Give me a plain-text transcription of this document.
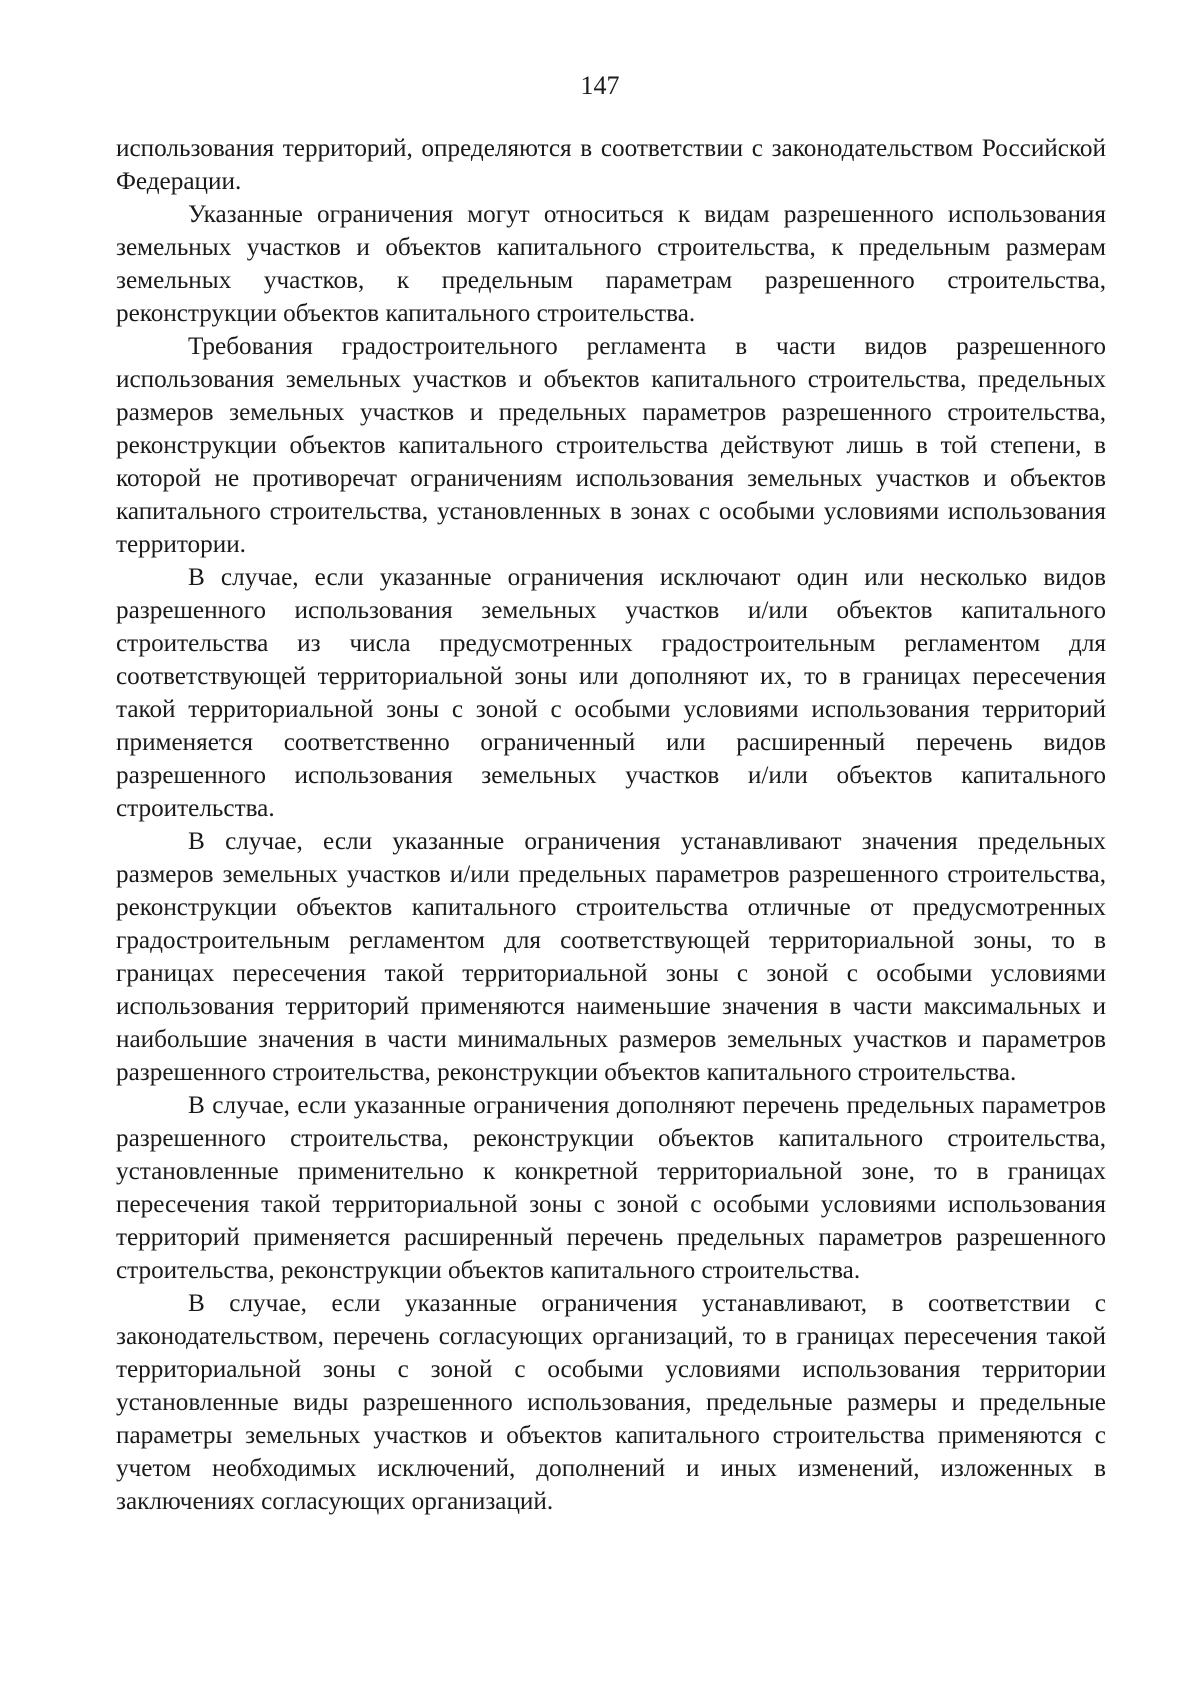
147

использования территорий, определяются в соответствии с законодательством Российской Федерации.

Указанные ограничения могут относиться к видам разрешенного использования земельных участков и объектов капитального строительства, к предельным размерам земельных участков, к предельным параметрам разрешенного строительства, реконструкции объектов капитального строительства.

Требования градостроительного регламента в части видов разрешенного использования земельных участков и объектов капитального строительства, предельных размеров земельных участков и предельных параметров разрешенного строительства, реконструкции объектов капитального строительства действуют лишь в той степени, в которой не противоречат ограничениям использования земельных участков и объектов капитального строительства, установленных в зонах с особыми условиями использования территории.

В случае, если указанные ограничения исключают один или несколько видов разрешенного использования земельных участков и/или объектов капитального строительства из числа предусмотренных градостроительным регламентом для соответствующей территориальной зоны или дополняют их, то в границах пересечения такой территориальной зоны с зоной с особыми условиями использования территорий применяется соответственно ограниченный или расширенный перечень видов разрешенного использования земельных участков и/или объектов капитального строительства.

В случае, если указанные ограничения устанавливают значения предельных размеров земельных участков и/или предельных параметров разрешенного строительства, реконструкции объектов капитального строительства отличные от предусмотренных градостроительным регламентом для соответствующей территориальной зоны, то в границах пересечения такой территориальной зоны с зоной с особыми условиями использования территорий применяются наименьшие значения в части максимальных и наибольшие значения в части минимальных размеров земельных участков и параметров разрешенного строительства, реконструкции объектов капитального строительства.

В случае, если указанные ограничения дополняют перечень предельных параметров разрешенного строительства, реконструкции объектов капитального строительства, установленные применительно к конкретной территориальной зоне, то в границах пересечения такой территориальной зоны с зоной с особыми условиями использования территорий применяется расширенный перечень предельных параметров разрешенного строительства, реконструкции объектов капитального строительства.

В случае, если указанные ограничения устанавливают, в соответствии с законодательством, перечень согласующих организаций, то в границах пересечения такой территориальной зоны с зоной с особыми условиями использования территории установленные виды разрешенного использования, предельные размеры и предельные параметры земельных участков и объектов капитального строительства применяются с учетом необходимых исключений, дополнений и иных изменений, изложенных в заключениях согласующих организаций.
